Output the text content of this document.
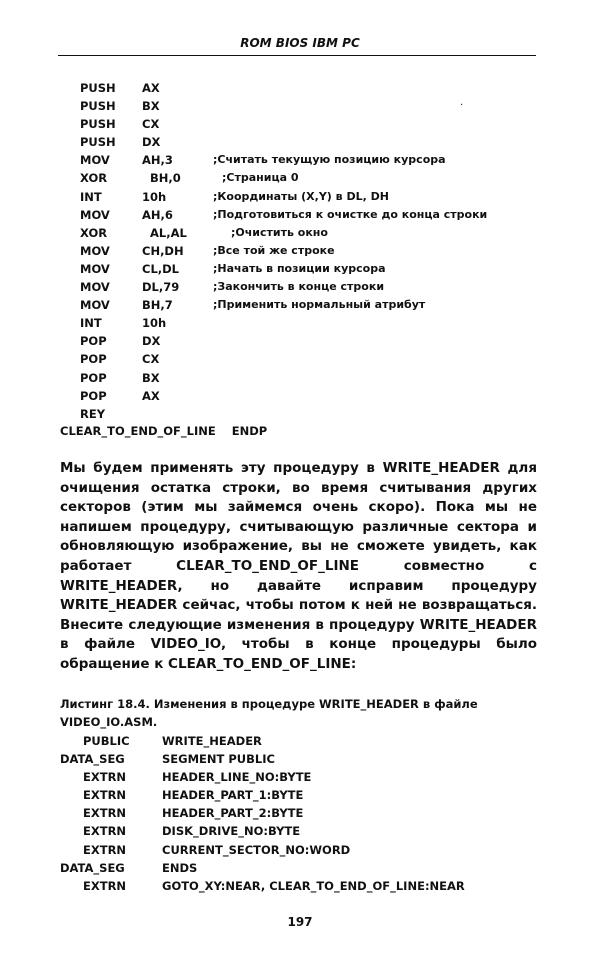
ROM BIOS IBM PC
·
PUSH AX
PUSH BX
PUSH CX
PUSH DX
MOV	AH,3	;Считать текущую позицию курсора
XOR	BH,0	;Страница 0
INT	10h	;Координаты (X,Y) в DL, DH
MOV	AH,6	;Подготовиться к очистке до конца строки
XOR	AL,AL	;Очистить окно
MOV	CH,DH	;Все той же строке
MOV	CL,DL	;Начать в позиции курсора
MOV	DL,79	;Закончить в конце строки
MOV	BH,7	;Применить нормальный атрибут
INT	10h
POP	DX
POP	CX
POP	BX
POP	AX
REY
CLEAR_TO_END_OF_LINE    ENDP
Мы будем применять эту процедуру в WRITE_HEADER для очищения остатка строки, во время считывания других секторов (этим мы займемся очень скоро). Пока мы не напишем процедуру, считывающую различные сектора и обновляющую изображение, вы не сможете увидеть, как работает CLEAR_TO_END_OF_LINE совместно с WRITE_HEADER, но давайте исправим процедуру WRITE_HEADER сейчас, чтобы потом к ней не возвращаться. Внесите следующие изменения в процедуру WRITE_HEADER в файле VIDEO_IO, чтобы в конце процедуры было обращение к CLEAR_TO_END_OF_LINE:
Листинг 18.4. Изменения в процедуре WRITE_HEADER в файле VIDEO_IO.ASM.
PUBLIC	WRITE_HEADER
DATA_SEG	SEGMENT PUBLIC
EXTRN	HEADER_LINE_NO:BYTE
EXTRN	HEADER_PART_1:BYTE
EXTRN	HEADER_PART_2:BYTE
EXTRN	DISK_DRIVE_NO:BYTE
EXTRN	CURRENT_SECTOR_NO:WORD
DATA_SEG	ENDS
EXTRN	GOTO_XY:NEAR, CLEAR_TO_END_OF_LINE:NEAR
197
